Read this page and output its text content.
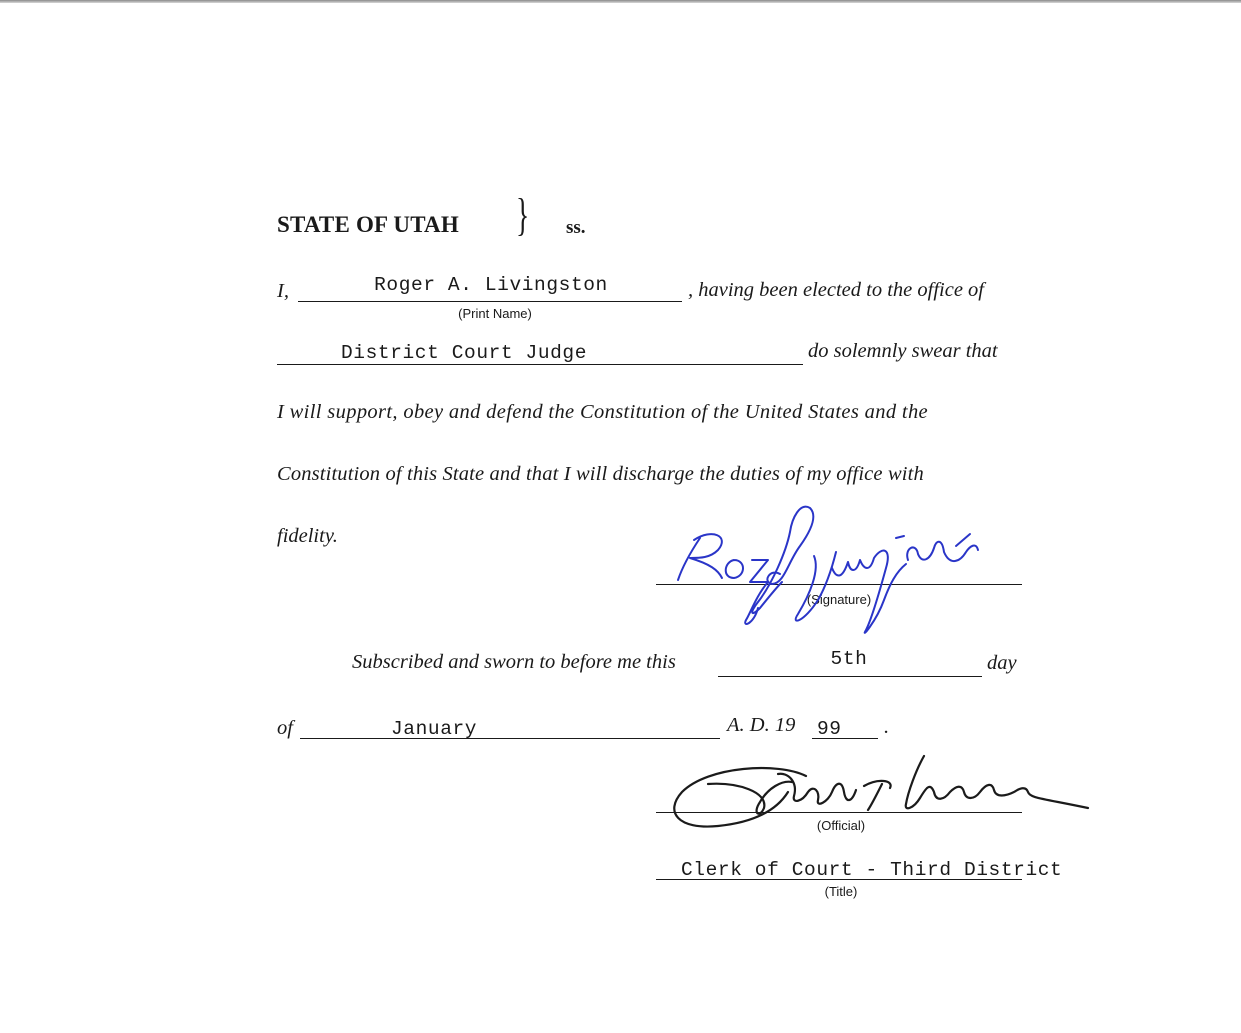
STATE OF UTAH } ss.
I,	Roger A. Livingston
(Print Name)
, having been elected to the office of
District Court Judge	do solemnly swear that
I will support, obey and defend the Constitution of the United States and the
Constitution of this State and that I will discharge the duties of my office with
fidelity.
(Signature)
Subscribed and sworn to before me this	5th	day
of	January	A. D. 19 99 .
(Official)
Clerk of Court - Third District
(Title)
